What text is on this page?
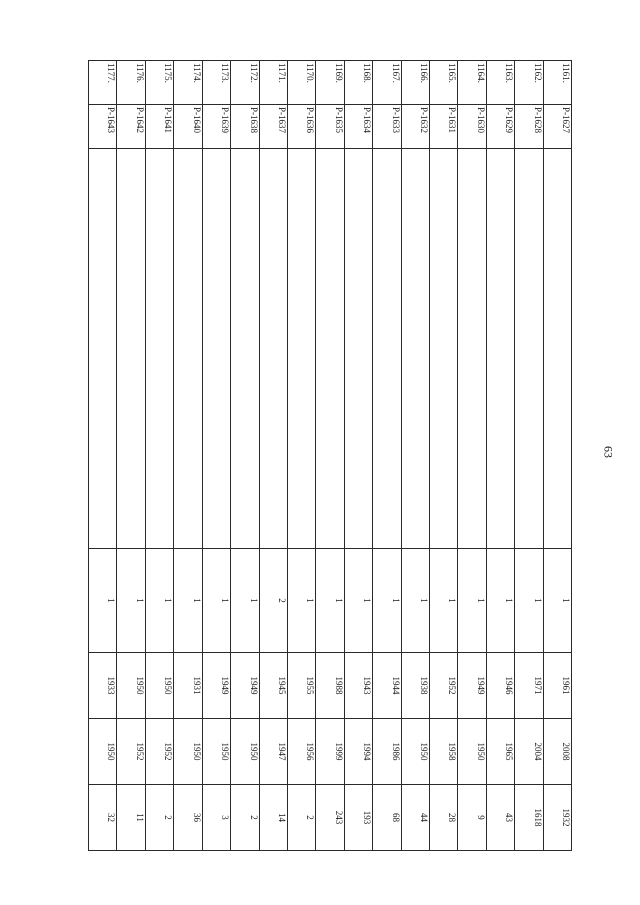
63
1161.	Р-1627		1	1961	2008	1932
1162.	Р-1628		1	1971	2004	1618
1163.	Р-1629		1	1946	1965	43
1164.	Р-1630		1	1949	1950	9
1165.	Р-1631		1	1952	1958	28
1166.	Р-1632		1	1938	1950	44
1167.	Р-1633		1	1944	1986	68
1168.	Р-1634		1	1943	1994	193
1169.	Р-1635		1	1988	1999	243
1170.	Р-1636		1	1955	1956	2
1171.	Р-1637		2	1945	1947	14
1172.	Р-1638		1	1949	1950	2
1173.	Р-1639		1	1949	1950	3
1174.	Р-1640		1	1931	1950	36
1175.	Р-1641		1	1950	1952	2
1176.	Р-1642		1	1950	1952	11
1177.	Р-1643		1	1933	1950	32
